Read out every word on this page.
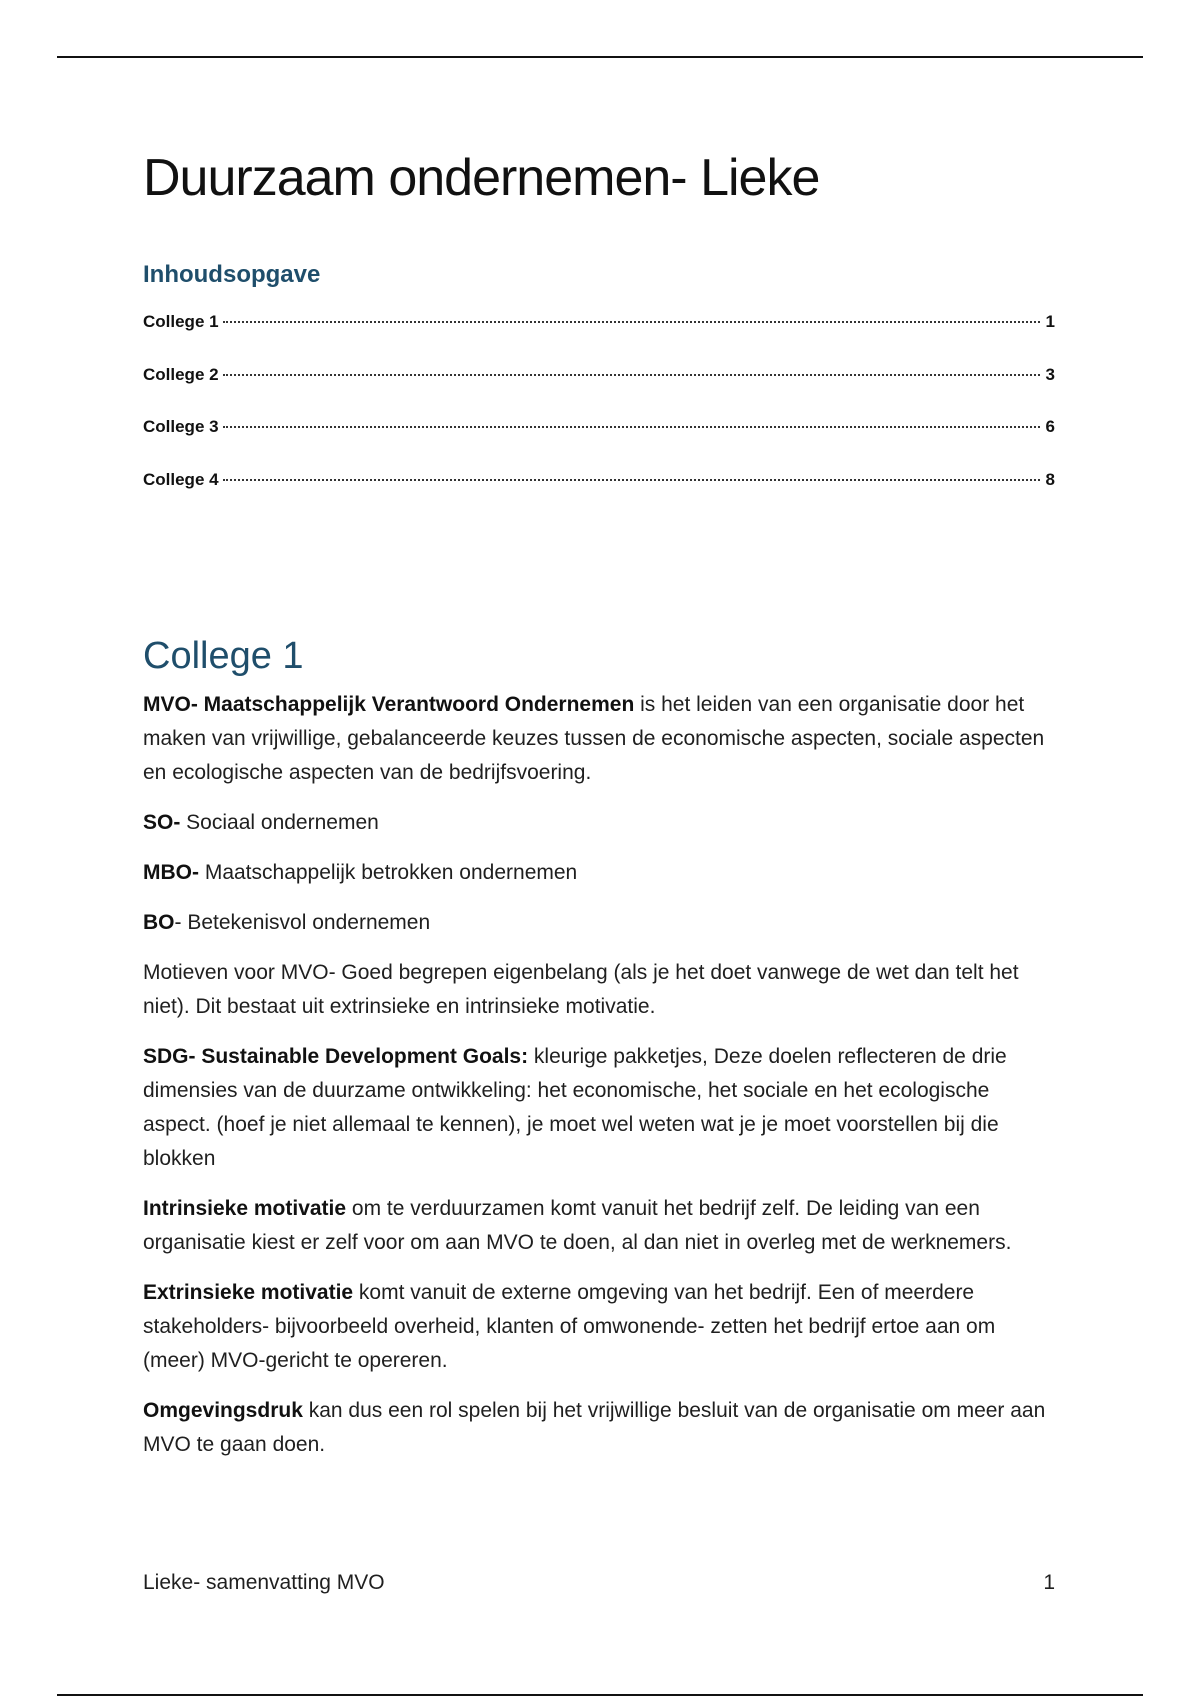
Duurzaam ondernemen- Lieke
Inhoudsopgave
College 1	1
College 2	3
College 3	6
College 4	8
College 1

MVO- Maatschappelijk Verantwoord Ondernemen is het leiden van een organisatie door het maken van vrijwillige, gebalanceerde keuzes tussen de economische aspecten, sociale aspecten en ecologische aspecten van de bedrijfsvoering.

SO- Sociaal ondernemen

MBO- Maatschappelijk betrokken ondernemen

BO- Betekenisvol ondernemen

Motieven voor MVO- Goed begrepen eigenbelang (als je het doet vanwege de wet dan telt het niet). Dit bestaat uit extrinsieke en intrinsieke motivatie.

SDG- Sustainable Development Goals: kleurige pakketjes, Deze doelen reflecteren de drie dimensies van de duurzame ontwikkeling: het economische, het sociale en het ecologische aspect. (hoef je niet allemaal te kennen), je moet wel weten wat je je moet voorstellen bij die blokken

Intrinsieke motivatie om te verduurzamen komt vanuit het bedrijf zelf. De leiding van een organisatie kiest er zelf voor om aan MVO te doen, al dan niet in overleg met de werknemers.

Extrinsieke motivatie komt vanuit de externe omgeving van het bedrijf. Een of meerdere stakeholders- bijvoorbeeld overheid, klanten of omwonende- zetten het bedrijf ertoe aan om (meer) MVO-gericht te opereren.

Omgevingsdruk kan dus een rol spelen bij het vrijwillige besluit van de organisatie om meer aan MVO te gaan doen.

Lieke- samenvatting MVO	1
